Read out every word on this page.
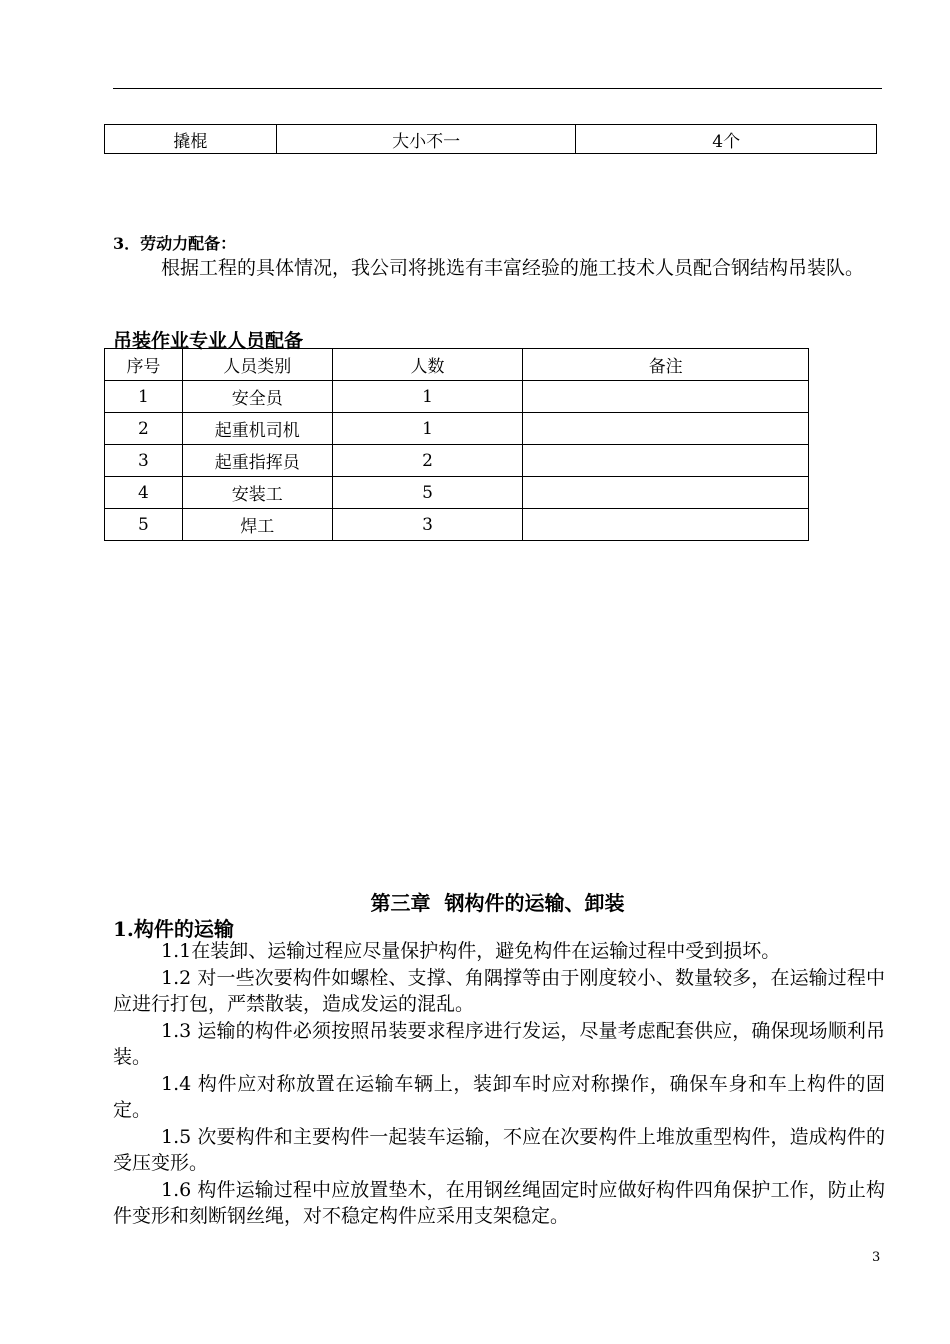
撬棍	大小不一	4个
3．劳动力配备：

根据工程的具体情况，我公司将挑选有丰富经验的施工技术人员配合钢结构吊装队。

吊装作业专业人员配备
序号	人员类别	人数	备注
1	安全员	1	
2	起重机司机	1	
3	起重指挥员	2	
4	安装工	5	
5	焊工	3	
第三章  钢构件的运输、卸装
1.构件的运输

1.1在装卸、运输过程应尽量保护构件，避免构件在运输过程中受到损坏。

1.2 对一些次要构件如螺栓、支撑、角隅撑等由于刚度较小、数量较多，在运输过程中应进行打包，严禁散装，造成发运的混乱。

1.3 运输的构件必须按照吊装要求程序进行发运，尽量考虑配套供应，确保现场顺利吊装。

1.4 构件应对称放置在运输车辆上，装卸车时应对称操作，确保车身和车上构件的固定。

1.5 次要构件和主要构件一起装车运输，不应在次要构件上堆放重型构件，造成构件的受压变形。

1.6 构件运输过程中应放置垫木，在用钢丝绳固定时应做好构件四角保护工作，防止构件变形和刻断钢丝绳，对不稳定构件应采用支架稳定。

3
